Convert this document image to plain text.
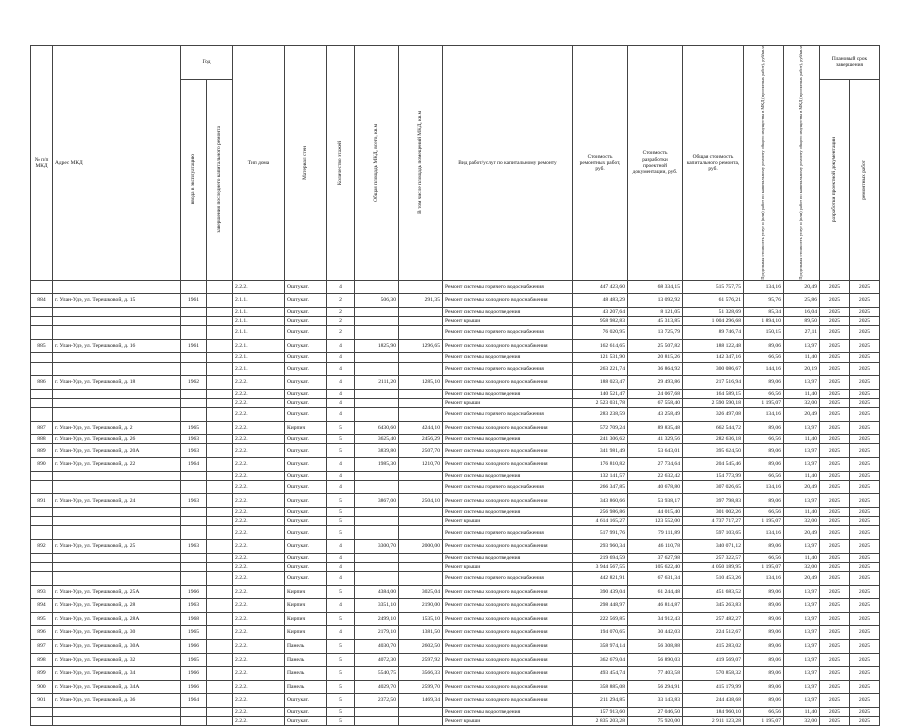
№ п/п МКД	Адрес МКД	Год		Тип дома	Материал стен	Количество этажей	Общая площадь МКД, всего, кв.м	В том числе площадь помещений МКД, кв.м	Вид работ/услуг по капитальному ремонту	Стоимость ремонтных работ, руб.	Стоимость разработки проектной документации, руб.	Общая стоимость капитального ремонта, руб.	Предельная стоимость услуг и (или) работ по капитальному ремонту общего имущества в МКД (проектных работ), руб/кв.м	Предельная стоимость услуг и (или) работ по капитальному ремонту общего имущества в МКД (проектных работ), руб/кв.м	Плановый срок завершения	

		ввода в эксплуатацию	завершения последнего капитального ремонта												разработки проектной документации	ремонтных работ

				2.2.2.	Оштукат.	4			Ремонт системы горячего водоснабжения	447 423,60	68 334,15	515 757,75	134,16	20,49	2025	2025
884	г. Улан-Удэ, ул. Терешковой, д. 15	1961		2.1.1.	Оштукат.	2	506,30	291,35	Ремонт системы холодного водоснабжения	48 483,29	13 092,92	61 576,21	95,76	25,86	2025	2025
				2.1.1.	Оштукат.	2			Ремонт системы водоотведения	43 207,64	8 121,05	51 328,69	85,34	16,04	2025	2025
				2.1.1.	Оштукат.	2			Ремонт крыши	958 982,83	45 313,85	1 004 296,68	1 894,10	89,50	2025	2025
				2.1.1.	Оштукат.	2			Ремонт системы горячего водоснабжения	76 020,95	13 725,79	89 746,74	150,15	27,11	2025	2025
885	г. Улан-Удэ, ул. Терешковой, д. 16	1961		2.2.1.	Оштукат.	4	1825,90	1296,65	Ремонт системы холодного водоснабжения	162 614,65	25 507,82	188 122,48	89,06	13,97	2025	2025
				2.2.1.	Оштукат.	4			Ремонт системы водоотведения	121 531,90	20 815,26	142 347,16	66,56	11,40	2025	2025
				2.2.1.	Оштукат.	4			Ремонт системы горячего водоснабжения	263 221,74	36 864,92	300 086,67	144,16	20,19	2025	2025
886	г. Улан-Удэ, ул. Терешковой, д. 18	1962		2.2.2.	Оштукат.	4	2111,20	1285,10	Ремонт системы холодного водоснабжения	188 023,47	29 493,86	217 516,94	89,06	13,97	2025	2025
				2.2.2.	Оштукат.	4			Ремонт системы водоотведения	140 521,47	24 067,68	164 589,15	66,56	11,40	2025	2025
				2.2.2.	Оштукат.	4			Ремонт крыши	2 523 031,78	67 558,40	2 590 590,18	1 195,07	32,00	2025	2025
				2.2.2.	Оштукат.	4			Ремонт системы горячего водоснабжения	283 238,59	43 258,49	326 497,08	134,16	20,49	2025	2025
887	г. Улан-Удэ, ул. Терешковой, д. 2	1965		2.2.2.	Кирпич	5	6430,60	4244,10	Ремонт системы холодного водоснабжения	572 709,24	89 835,48	662 544,72	89,06	13,97	2025	2025
888	г. Улан-Удэ, ул. Терешковой, д. 26	1963		2.2.2.	Оштукат.	5	3625,40	2456,29	Ремонт системы водоотведения	241 306,62	41 329,56	282 636,18	66,56	11,40	2025	2025
889	г. Улан-Удэ, ул. Терешковой, д. 20А	1963		2.2.2.	Оштукат.	5	3839,80	2507,70	Ремонт системы холодного водоснабжения	341 981,49	53 643,01	395 624,50	89,06	13,97	2025	2025
890	г. Улан-Удэ, ул. Терешковой, д. 22	1964		2.2.2.	Оштукат.	4	1985,30	1210,70	Ремонт системы холодного водоснабжения	176 810,82	27 734,64	204 545,46	89,06	13,97	2025	2025
				2.2.2.	Оштукат.	4			Ремонт системы водоотведения	132 141,57	22 632,42	154 773,99	66,56	11,40	2025	2025
				2.2.2.	Оштукат.	4			Ремонт системы горячего водоснабжения	266 347,85	40 678,80	307 026,65	134,16	20,49	2025	2025
891	г. Улан-Удэ, ул. Терешковой, д. 24	1963		2.2.2.	Оштукат.	5	3867,00	2504,10	Ремонт системы холодного водоснабжения	343 860,66	53 938,17	397 798,83	89,06	13,97	2025	2025
				2.2.2.	Оштукат.	5			Ремонт системы водоотведения	256 986,86	44 015,40	301 002,26	66,56	11,40	2025	2025
				2.2.2.	Оштукат.	5			Ремонт крыши	4 614 165,27	123 552,00	4 737 717,27	1 195,07	32,00	2025	2025
				2.2.2.	Оштукат.	5			Ремонт системы горячего водоснабжения	517 991,76	79 111,89	597 103,65	134,16	20,49	2025	2025
892	г. Улан-Удэ, ул. Терешковой, д. 25	1963		2.2.2.	Оштукат.	4	3300,70	2000,00	Ремонт системы холодного водоснабжения	293 960,34	46 110,78	340 071,12	89,06	13,97	2025	2025
				2.2.2.	Оштукат.	4			Ремонт системы водоотведения	219 694,59	37 627,98	257 322,57	66,56	11,40	2025	2025
				2.2.2.	Оштукат.	4			Ремонт крыши	3 944 567,55	105 622,40	4 050 189,95	1 195,07	32,00	2025	2025
				2.2.2.	Оштукат.	4			Ремонт системы горячего водоснабжения	442 821,91	67 631,34	510 453,26	134,16	20,49	2025	2025
893	г. Улан-Удэ, ул. Терешковой, д. 25А	1966		2.2.2.	Кирпич	5	4384,00	3025,04	Ремонт системы холодного водоснабжения	390 439,04	61 244,48	451 683,52	89,06	13,97	2025	2025
894	г. Улан-Удэ, ул. Терешковой, д. 28	1963		2.2.2.	Кирпич	4	3351,10	2190,00	Ремонт системы холодного водоснабжения	298 448,97	46 814,87	345 263,83	89,06	13,97	2025	2025
895	г. Улан-Удэ, ул. Терешковой, д. 28А	1968		2.2.2.	Кирпич	5	2499,10	1535,10	Ремонт системы холодного водоснабжения	222 569,85	34 912,43	257 482,27	89,06	13,97	2025	2025
896	г. Улан-Удэ, ул. Терешковой, д. 30	1965		2.2.2.	Кирпич	4	2179,10	1381,50	Ремонт системы холодного водоснабжения	194 070,65	30 442,03	224 512,67	89,06	13,97	2025	2025
897	г. Улан-Удэ, ул. Терешковой, д. 30А	1966		2.2.2.	Панель	5	4030,70	2602,50	Ремонт системы холодного водоснабжения	358 974,14	56 308,88	415 283,02	89,06	13,97	2025	2025
898	г. Улан-Удэ, ул. Терешковой, д. 32	1965		2.2.2.	Панель	5	4072,30	2597,92	Ремонт системы холодного водоснабжения	362 679,04	56 890,03	419 569,07	89,06	13,97	2025	2025
899	г. Улан-Удэ, ул. Терешковой, д. 34	1966		2.2.2.	Панель	5	5540,75	3566,33	Ремонт системы холодного водоснабжения	493 454,74	77 403,58	570 858,32	89,06	13,97	2025	2025
900	г. Улан-Удэ, ул. Терешковой, д. 34А	1966		2.2.2.	Панель	5	4029,70	2599,70	Ремонт системы холодного водоснабжения	358 885,08	56 294,91	415 179,99	89,06	13,97	2025	2025
901	г. Улан-Удэ, ул. Терешковой, д. 36	1964		2.2.2.	Оштукат.	5	2372,50	1469,34	Ремонт системы холодного водоснабжения	211 294,85	33 143,83	244 438,68	89,06	13,97	2025	2025
				2.2.2.	Оштукат.	5			Ремонт системы водоотведения	157 913,60	27 046,50	184 960,10	66,56	11,40	2025	2025
				2.2.2.	Оштукат.	5			Ремонт крыши	2 835 203,28	75 920,00	2 911 123,28	1 195,07	32,00	2025	2025
